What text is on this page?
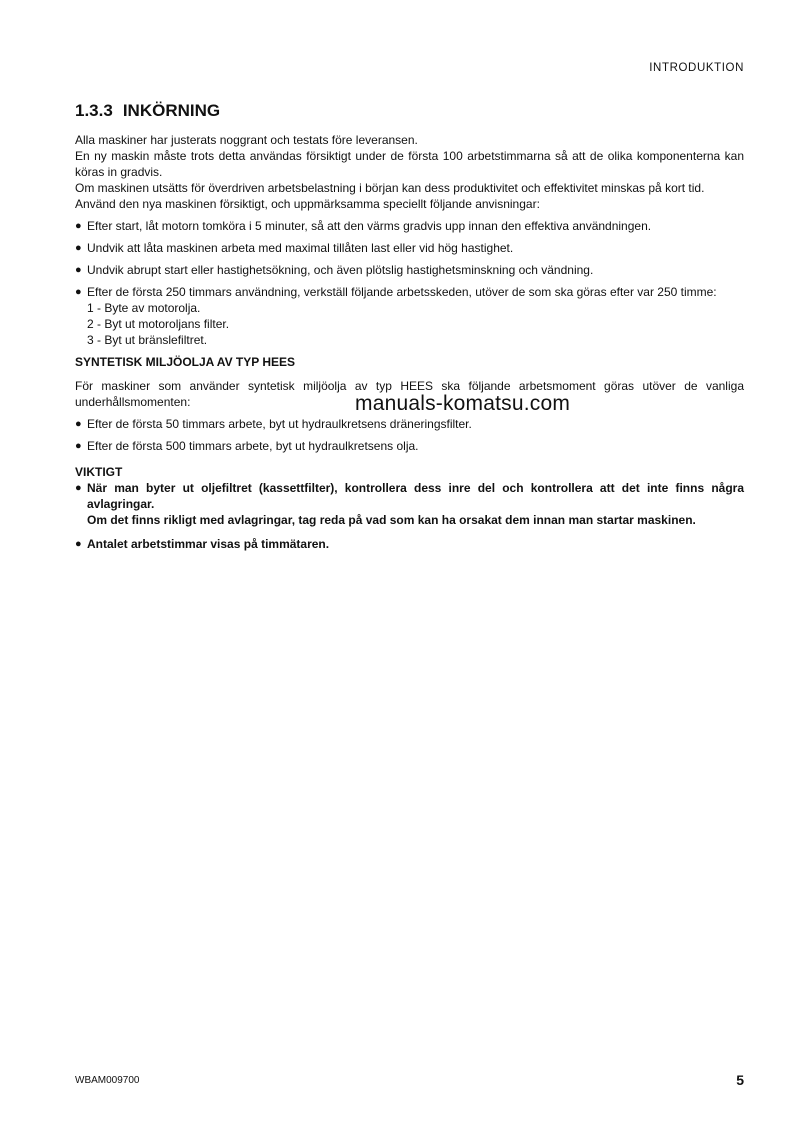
INTRODUKTION
1.3.3 INKÖRNING

Alla maskiner har justerats noggrant och testats före leveransen.

En ny maskin måste trots detta användas försiktigt under de första 100 arbetstimmarna så att de olika komponenterna kan köras in gradvis.

Om maskinen utsätts för överdriven arbetsbelastning i början kan dess produktivitet och effektivitet minskas på kort tid.

Använd den nya maskinen försiktigt, och uppmärksamma speciellt följande anvisningar:

● Efter start, låt motorn tomköra i 5 minuter, så att den värms gradvis upp innan den effektiva användningen.
● Undvik att låta maskinen arbeta med maximal tillåten last eller vid hög hastighet.
● Undvik abrupt start eller hastighetsökning, och även plötslig hastighetsminskning och vändning.
● Efter de första 250 timmars användning, verkställ följande arbetsskeden, utöver de som ska göras efter var 250 timme:
1 - Byte av motorolja.
2 - Byt ut motoroljans filter.
3 - Byt ut bränslefiltret.

SYNTETISK MILJÖOLJA AV TYP HEES

För maskiner som använder syntetisk miljöolja av typ HEES ska följande arbetsmoment göras utöver de vanliga underhållsmomenten:

● Efter de första 50 timmars arbete, byt ut hydraulkretsens dräneringsfilter.
● Efter de första 500 timmars arbete, byt ut hydraulkretsens olja.

VIKTIGT

● När man byter ut oljefiltret (kassettfilter), kontrollera dess inre del och kontrollera att det inte finns några avlagringar.
Om det finns rikligt med avlagringar, tag reda på vad som kan ha orsakat dem innan man startar maskinen.
● Antalet arbetstimmar visas på timmätaren.
manuals-komatsu.com
WBAM009700	5
